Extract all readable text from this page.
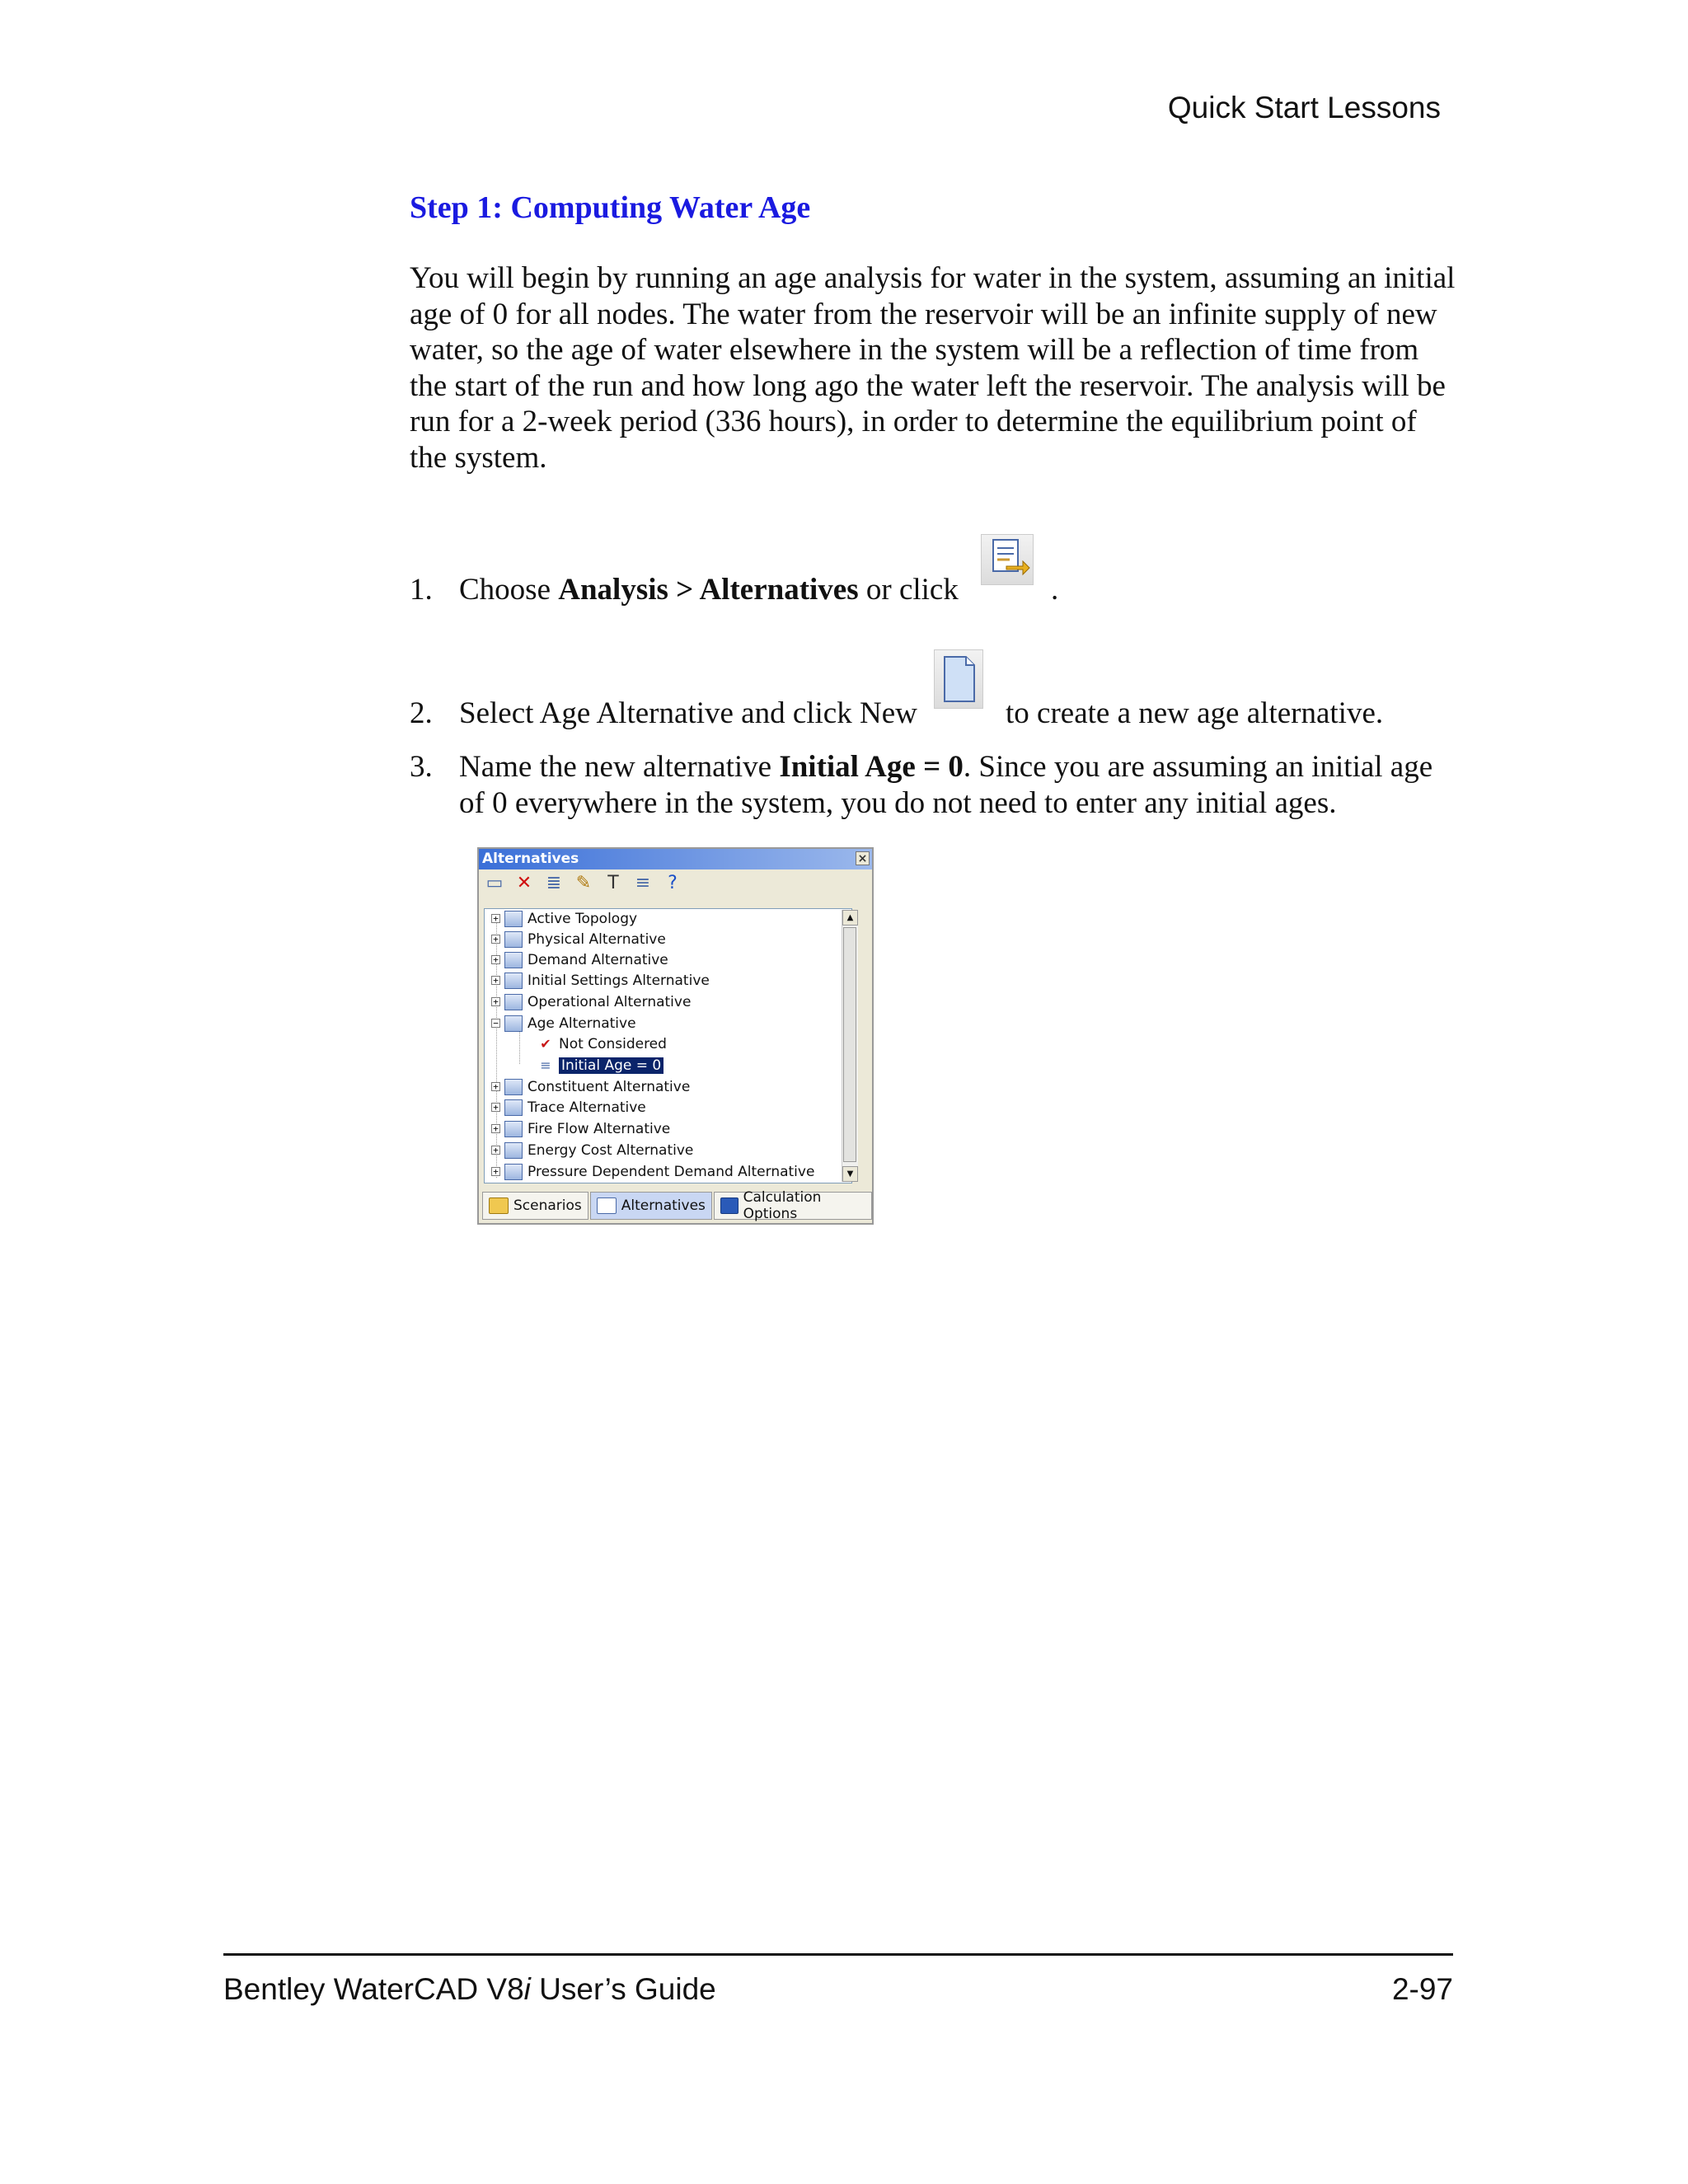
Quick Start Lessons
Step 1: Computing Water Age

You will begin by running an age analysis for water in the system, assuming an initial age of 0 for all nodes. The water from the reservoir will be an infinite supply of new water, so the age of water elsewhere in the system will be a reflection of time from the start of the run and how long ago the water left the reservoir. The analysis will be run for a 2-week period (336 hours), in order to determine the equilibrium point of the system.

1. Choose Analysis > Alternatives or click	.
2. Select Age Alternative and click New	to create a new age alternative.
3. Name the new alternative Initial Age = 0. Since you are assuming an initial age of 0 everywhere in the system, you do not need to enter any initial ages.
Alternatives	×
▭ ✕ ≣ ✎ T ≡ ?
+ Active Topology
+ Physical Alternative
+ Demand Alternative
+ Initial Settings Alternative
+ Operational Alternative
− Age Alternative
✔ Not Considered
≡ Initial Age = 0
+ Constituent Alternative
+ Trace Alternative
+ Fire Flow Alternative
+ Energy Cost Alternative
+ Pressure Dependent Demand Alternative
▲
▼
Scenarios	Alternatives	Calculation Options
Bentley WaterCAD V8i User’s Guide	2-97
